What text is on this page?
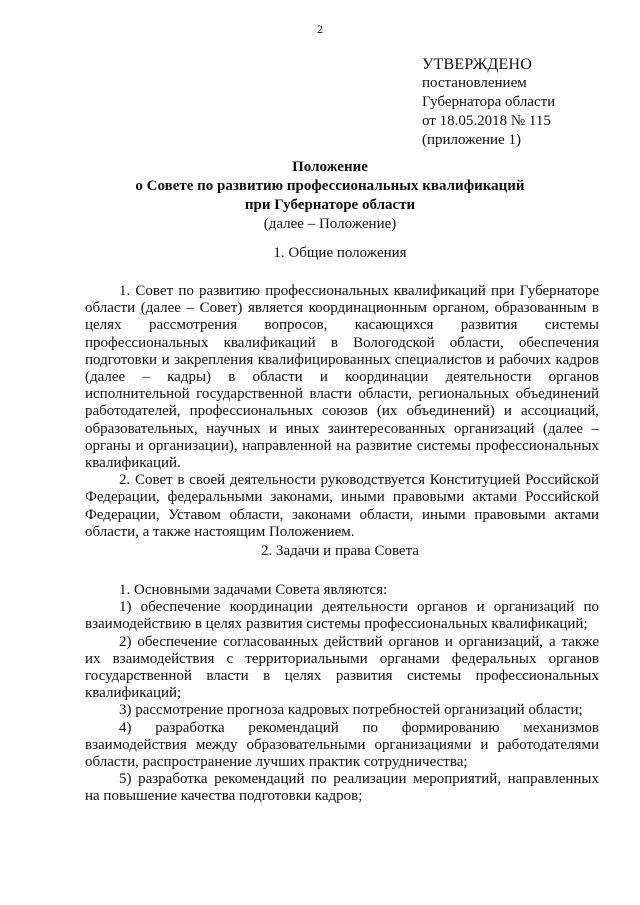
2
УТВЕРЖДЕНО
постановлением
Губернатора области
от 18.05.2018 № 115
(приложение 1)
Положение
о Совете по развитию профессиональных квалификаций
при Губернаторе области
(далее – Положение)
1. Общие положения

1. Совет по развитию профессиональных квалификаций при Губернаторе области (далее – Совет) является координационным органом, образованным в целях рассмотрения вопросов, касающихся развития системы профессиональных квалификаций в Вологодской области, обеспечения подготовки и закрепления квалифицированных специалистов и рабочих кадров (далее – кадры) в области и координации деятельности органов исполнительной государственной власти области, региональных объединений работодателей, профессиональных союзов (их объединений) и ассоциаций, образовательных, научных и иных заинтересованных организаций (далее – органы и организации), направленной на развитие системы профессиональных квалификаций.

2. Совет в своей деятельности руководствуется Конституцией Российской Федерации, федеральными законами, иными правовыми актами Российской Федерации, Уставом области, законами области, иными правовыми актами области, а также настоящим Положением.

2. Задачи и права Совета

1. Основными задачами Совета являются:

1) обеспечение координации деятельности органов и организаций по взаимодействию в целях развития системы профессиональных квалификаций;

2) обеспечение согласованных действий органов и организаций, а также их взаимодействия с территориальными органами федеральных органов государственной власти в целях развития системы профессиональных квалификаций;

3) рассмотрение прогноза кадровых потребностей организаций области;

4) разработка рекомендаций по формированию механизмов взаимодействия между образовательными организациями и работодателями области, распространение лучших практик сотрудничества;

5) разработка рекомендаций по реализации мероприятий, направленных на повышение качества подготовки кадров;
